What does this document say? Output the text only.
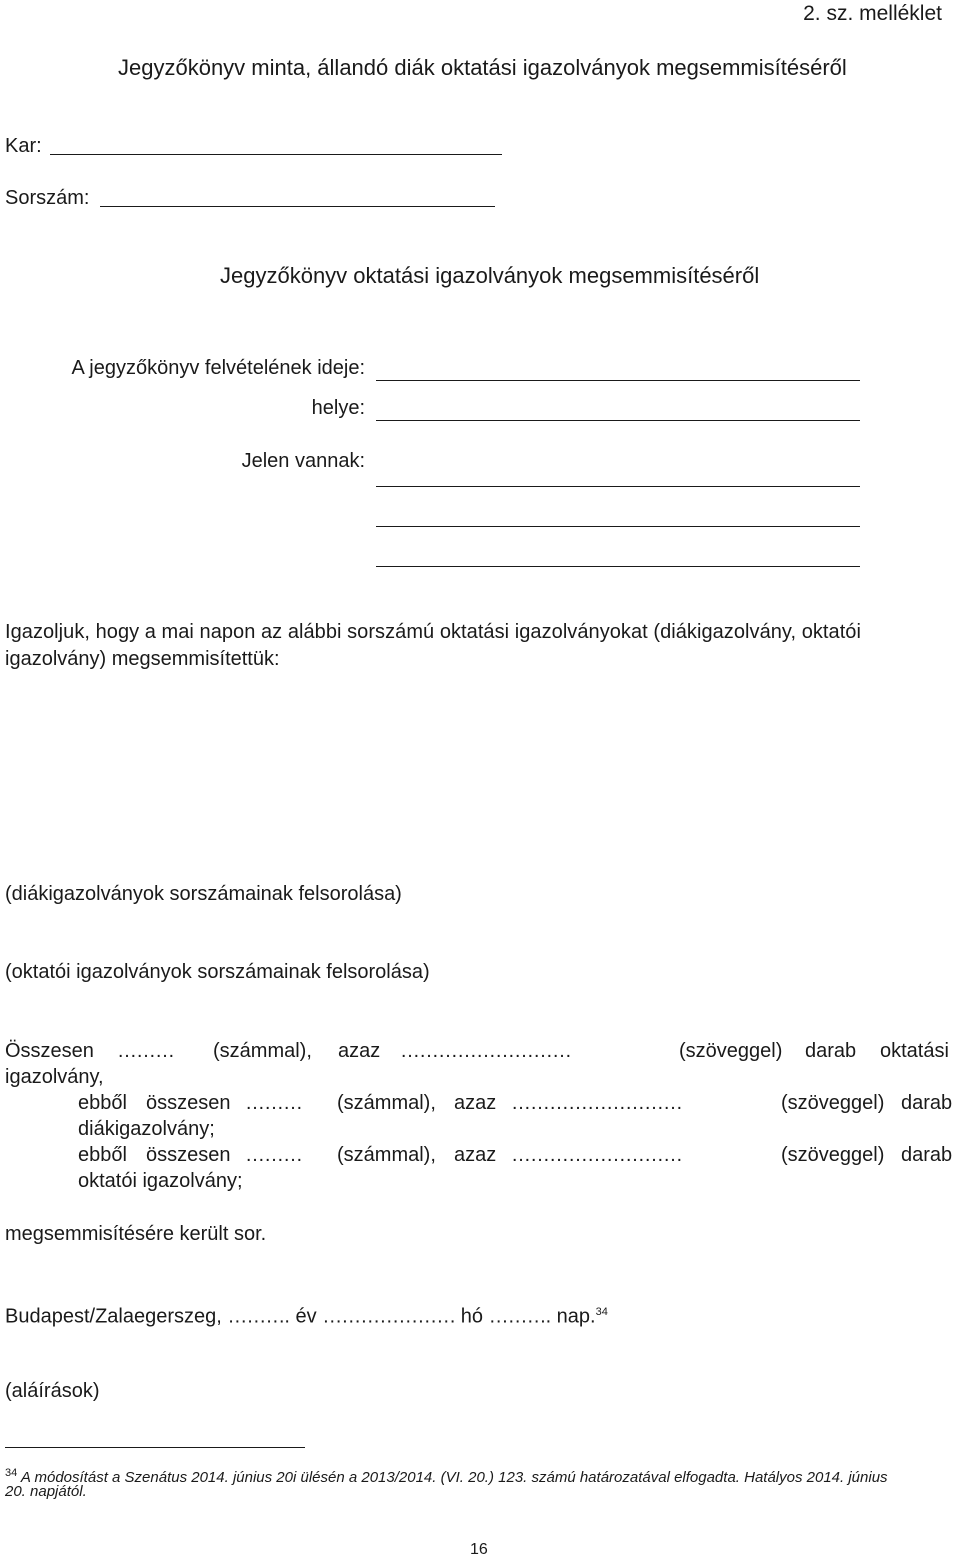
2. sz. melléklet
Jegyzőkönyv minta, állandó diák oktatási igazolványok megsemmisítéséről
Kar:
Sorszám:
Jegyzőkönyv oktatási igazolványok megsemmisítéséről
A jegyzőkönyv felvételének ideje:
helye:
Jelen vannak:
Igazoljuk, hogy a mai napon az alábbi sorszámú oktatási igazolványokat (diákigazolvány, oktatói
igazolvány) megsemmisítettük:
(diákigazolványok sorszámainak felsorolása)
(oktatói igazolványok sorszámainak felsorolása)
Összesen ……… (számmal), azaz ………………………	(szöveggel) darab oktatási
igazolvány,
ebből összesen ……… (számmal), azaz ………………………	(szöveggel) darab
diákigazolvány;
ebből összesen ……… (számmal), azaz ………………………	(szöveggel) darab
oktatói igazolvány;
megsemmisítésére került sor.
Budapest/Zalaegerszeg, ………. év ………………… hó ………. nap.$^{34}$
(aláírások)
$^{34}$ A módosítást a Szenátus 2014. június 20i ülésén a 2013/2014. (VI. 20.) 123. számú határozatával elfogadta. Hatályos 2014. június
20. napjától.
16
